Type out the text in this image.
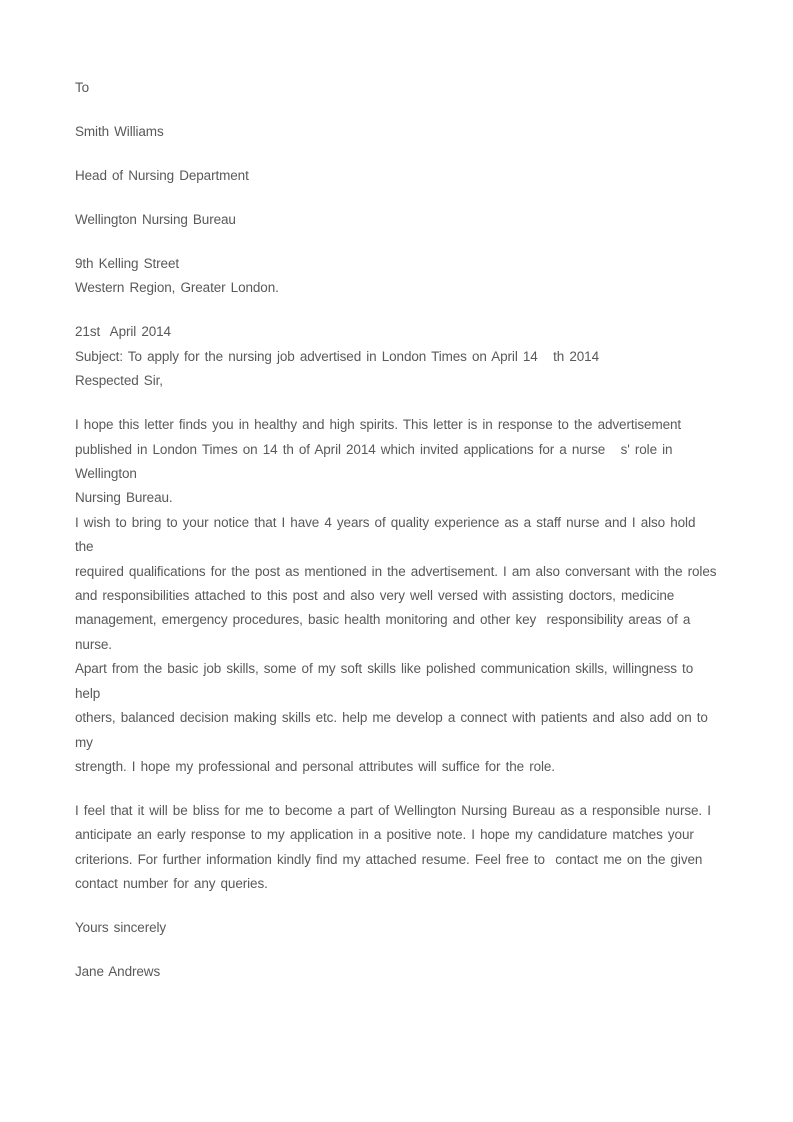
To
Smith Williams
Head of Nursing Department
Wellington Nursing Bureau
9th Kelling Street
Western Region, Greater London.
21st  April 2014
Subject: To apply for the nursing job advertised in London Times on April 14   th 2014
Respected Sir,
I hope this letter finds you in healthy and high spirits. This letter is in response to the advertisement
published in London Times on 14 th of April 2014 which invited applications for a nurse   s' role in Wellington
Nursing Bureau.
I wish to bring to your notice that I have 4 years of quality experience as a staff nurse and I also hold the
required qualifications for the post as mentioned in the advertisement. I am also conversant with the roles
and responsibilities attached to this post and also very well versed with assisting doctors, medicine
management, emergency procedures, basic health monitoring and other key  responsibility areas of a nurse.
Apart from the basic job skills, some of my soft skills like polished communication skills, willingness to help
others, balanced decision making skills etc. help me develop a connect with patients and also add on to my
strength. I hope my professional and personal attributes will suffice for the role.
I feel that it will be bliss for me to become a part of Wellington Nursing Bureau as a responsible nurse. I
anticipate an early response to my application in a positive note. I hope my candidature matches your
criterions. For further information kindly find my attached resume. Feel free to  contact me on the given
contact number for any queries.
Yours sincerely
Jane Andrews
